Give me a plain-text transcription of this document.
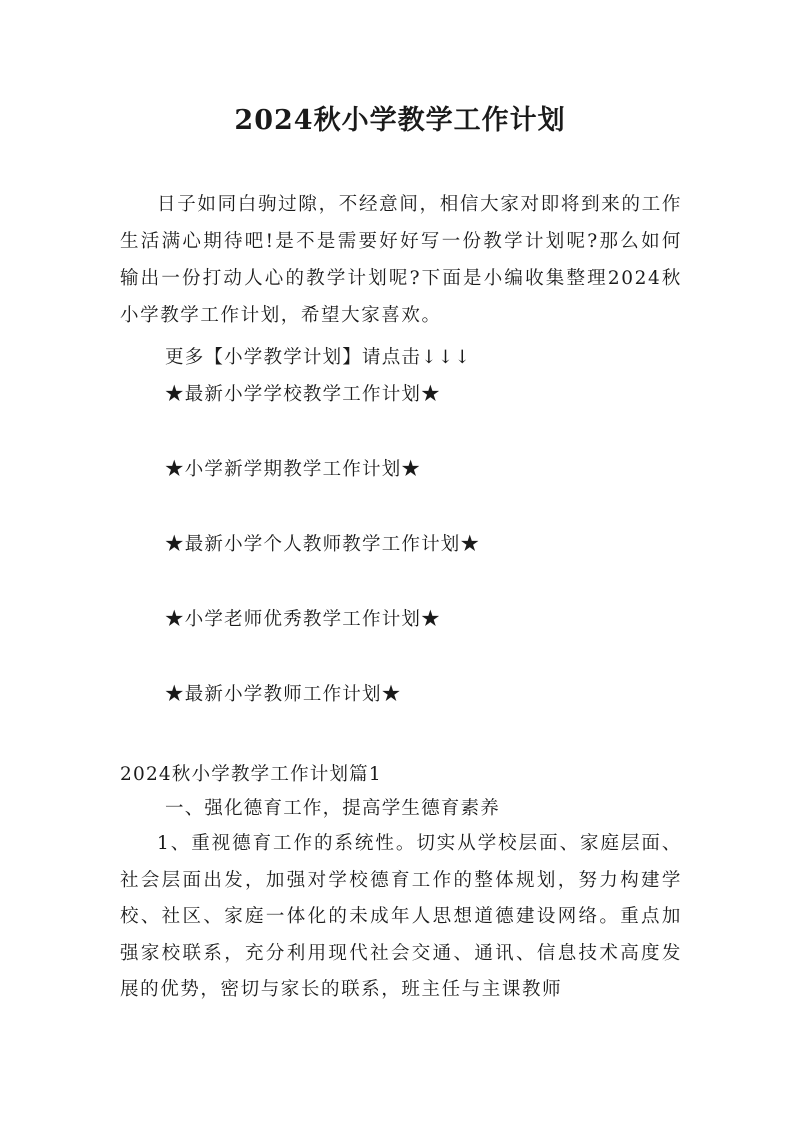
2024秋小学教学工作计划

日子如同白驹过隙，不经意间，相信大家对即将到来的工作生活满心期待吧!是不是需要好好写一份教学计划呢?那么如何输出一份打动人心的教学计划呢?下面是小编收集整理2024秋小学教学工作计划，希望大家喜欢。

更多【小学教学计划】请点击↓↓↓

★最新小学学校教学工作计划★

★小学新学期教学工作计划★

★最新小学个人教师教学工作计划★

★小学老师优秀教学工作计划★

★最新小学教师工作计划★

2024秋小学教学工作计划篇1

一、强化德育工作，提高学生德育素养

1、重视德育工作的系统性。切实从学校层面、家庭层面、社会层面出发，加强对学校德育工作的整体规划，努力构建学校、社区、家庭一体化的未成年人思想道德建设网络。重点加强家校联系，充分利用现代社会交通、通讯、信息技术高度发展的优势，密切与家长的联系，班主任与主课教师
